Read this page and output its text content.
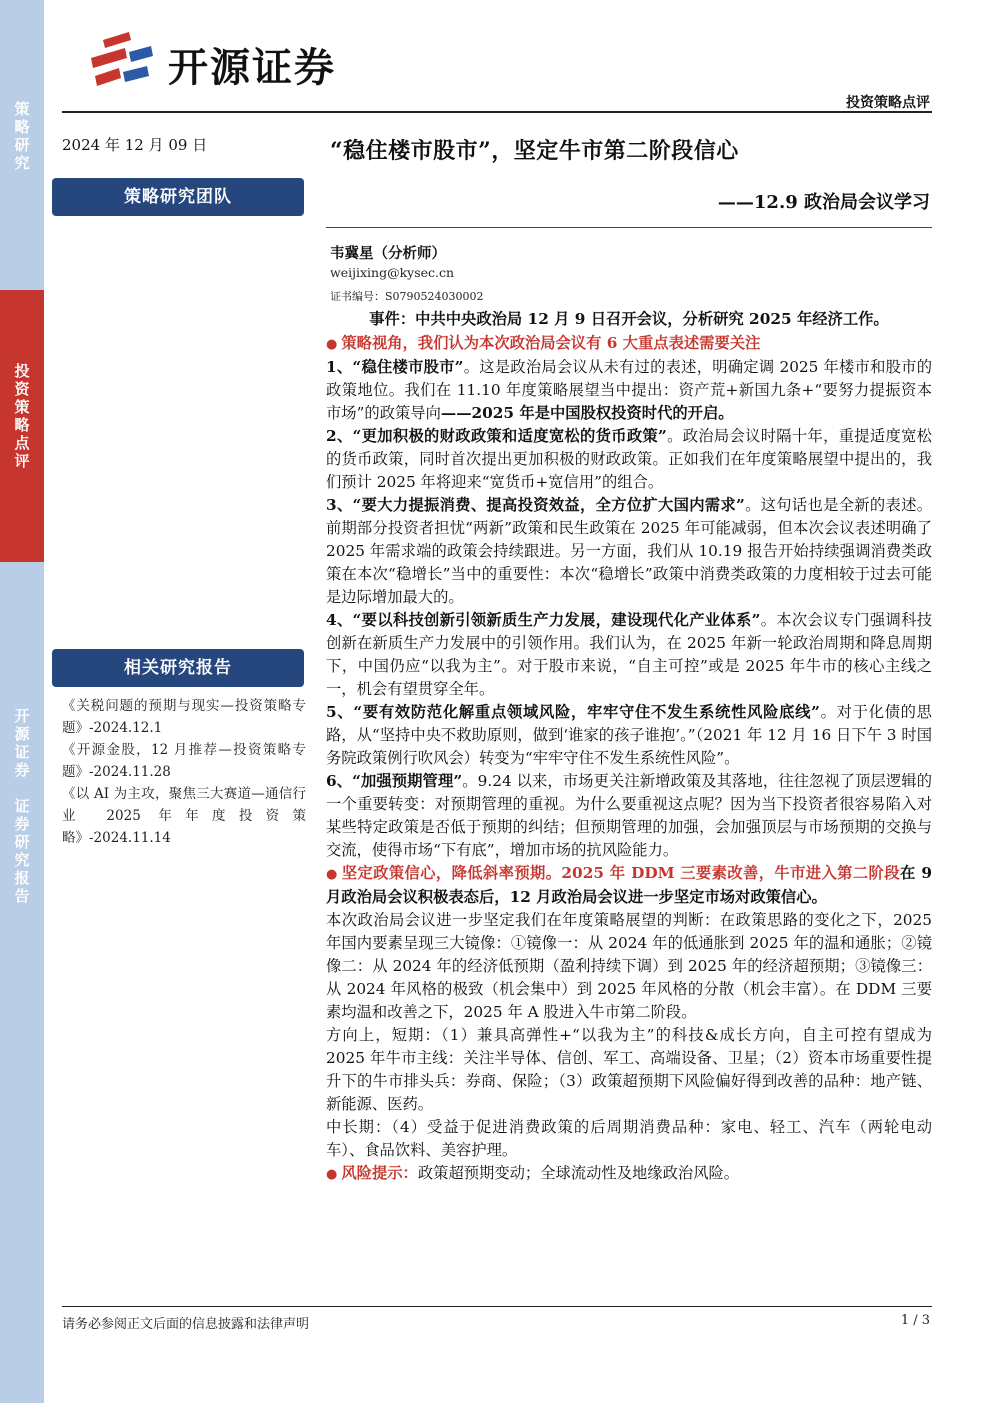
策
略
研
究
投
资
策
略
点
评
开
源
证
券

证
券
研
究
报
告
开源证券
投资策略点评
2024 年 12 月 09 日
策略研究团队
相关研究报告

《关税问题的预期与现实—投资策略专题》-2024.12.1

《开源金股，12 月推荐—投资策略专题》-2024.11.28

《以 AI 为主攻，聚焦三大赛道—通信行业 2025 年年度投资策略》-2024.11.14

“稳住楼市股市”，坚定牛市第二阶段信心
——12.9 政治局会议学习
韦冀星（分析师）
weijixing@kysec.cn
证书编号：S0790524030002

事件：中共中央政治局 12 月 9 日召开会议，分析研究 2025 年经济工作。

● 策略视角，我们认为本次政治局会议有 6 大重点表述需要关注

1、“稳住楼市股市”。这是政治局会议从未有过的表述，明确定调 2025 年楼市和股市的政策地位。我们在 11.10 年度策略展望当中提出：资产荒+新国九条+“要努力提振资本市场”的政策导向——2025 年是中国股权投资时代的开启。

2、“更加积极的财政政策和适度宽松的货币政策”。政治局会议时隔十年，重提适度宽松的货币政策，同时首次提出更加积极的财政政策。正如我们在年度策略展望中提出的，我们预计 2025 年将迎来“宽货币+宽信用”的组合。

3、“要大力提振消费、提高投资效益，全方位扩大国内需求”。这句话也是全新的表述。前期部分投资者担忧“两新”政策和民生政策在 2025 年可能减弱，但本次会议表述明确了 2025 年需求端的政策会持续跟进。另一方面，我们从 10.19 报告开始持续强调消费类政策在本次“稳增长”当中的重要性：本次“稳增长”政策中消费类政策的力度相较于过去可能是边际增加最大的。

4、“要以科技创新引领新质生产力发展，建设现代化产业体系”。本次会议专门强调科技创新在新质生产力发展中的引领作用。我们认为，在 2025 年新一轮政治周期和降息周期下，中国仍应“以我为主”。对于股市来说，“自主可控”或是 2025 年牛市的核心主线之一，机会有望贯穿全年。

5、“要有效防范化解重点领域风险，牢牢守住不发生系统性风险底线”。对于化债的思路，从“坚持中央不救助原则，做到‘谁家的孩子谁抱’。”（2021 年 12 月 16 日下午 3 时国务院政策例行吹风会）转变为“牢牢守住不发生系统性风险”。

6、“加强预期管理”。9.24 以来，市场更关注新增政策及其落地，往往忽视了顶层逻辑的一个重要转变：对预期管理的重视。为什么要重视这点呢？因为当下投资者很容易陷入对某些特定政策是否低于预期的纠结；但预期管理的加强，会加强顶层与市场预期的交换与交流，使得市场“下有底”，增加市场的抗风险能力。

● 坚定政策信心，降低斜率预期。2025 年 DDM 三要素改善，牛市进入第二阶段在 9 月政治局会议积极表态后，12 月政治局会议进一步坚定市场对政策信心。

本次政治局会议进一步坚定我们在年度策略展望的判断：在政策思路的变化之下，2025 年国内要素呈现三大镜像：①镜像一：从 2024 年的低通胀到 2025 年的温和通胀；②镜像二：从 2024 年的经济低预期（盈利持续下调）到 2025 年的经济超预期；③镜像三：从 2024 年风格的极致（机会集中）到 2025 年风格的分散（机会丰富）。在 DDM 三要素均温和改善之下，2025 年 A 股进入牛市第二阶段。

方向上，短期：（1）兼具高弹性+“以我为主”的科技&成长方向，自主可控有望成为 2025 年牛市主线：关注半导体、信创、军工、高端设备、卫星；（2）资本市场重要性提升下的牛市排头兵：券商、保险；（3）政策超预期下风险偏好得到改善的品种：地产链、新能源、医药。

中长期：（4）受益于促进消费政策的后周期消费品种：家电、轻工、汽车（两轮电动车）、食品饮料、美容护理。

● 风险提示：政策超预期变动；全球流动性及地缘政治风险。

请务必参阅正文后面的信息披露和法律声明	1 / 3
